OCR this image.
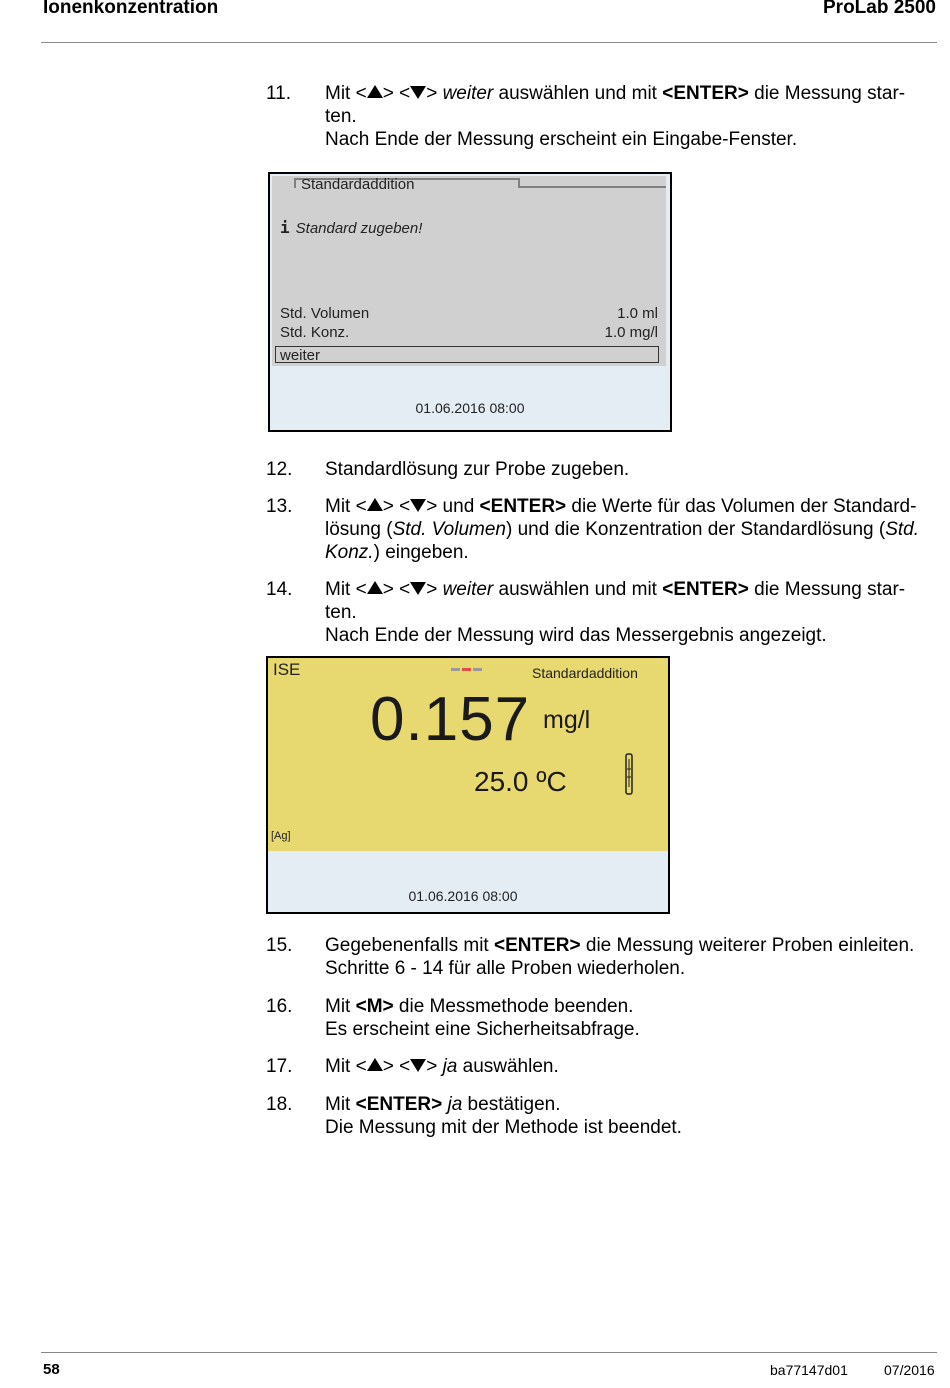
Ionenkonzentration	ProLab 2500
11. Mit < > < > weiter auswählen und mit <ENTER> die Messung star-
ten.
Nach Ende der Messung erscheint ein Eingabe-Fenster.
Standardaddition
i Standard zugeben!
Std. Volumen	1.0 ml
Std. Konz.	1.0 mg/l
weiter
01.06.2016 08:00
12. Standardlösung zur Probe zugeben.
13. Mit < > < > und <ENTER> die Werte für das Volumen der Standard-
lösung (Std. Volumen) und die Konzentration der Standardlösung (Std.
Konz.) eingeben.
14. Mit < > < > weiter auswählen und mit <ENTER> die Messung star-
ten.
Nach Ende der Messung wird das Messergebnis angezeigt.
ISE	Standardaddition
0.157 mg/l
25.0 ºC
[Ag]
01.06.2016 08:00
15. Gegebenenfalls mit <ENTER> die Messung weiterer Proben einleiten.
Schritte 6 - 14 für alle Proben wiederholen.
16. Mit <M> die Messmethode beenden.
Es erscheint eine Sicherheitsabfrage.
17. Mit < > < > ja auswählen.
18. Mit <ENTER> ja bestätigen.
Die Messung mit der Methode ist beendet.
58	ba77147d01	07/2016
